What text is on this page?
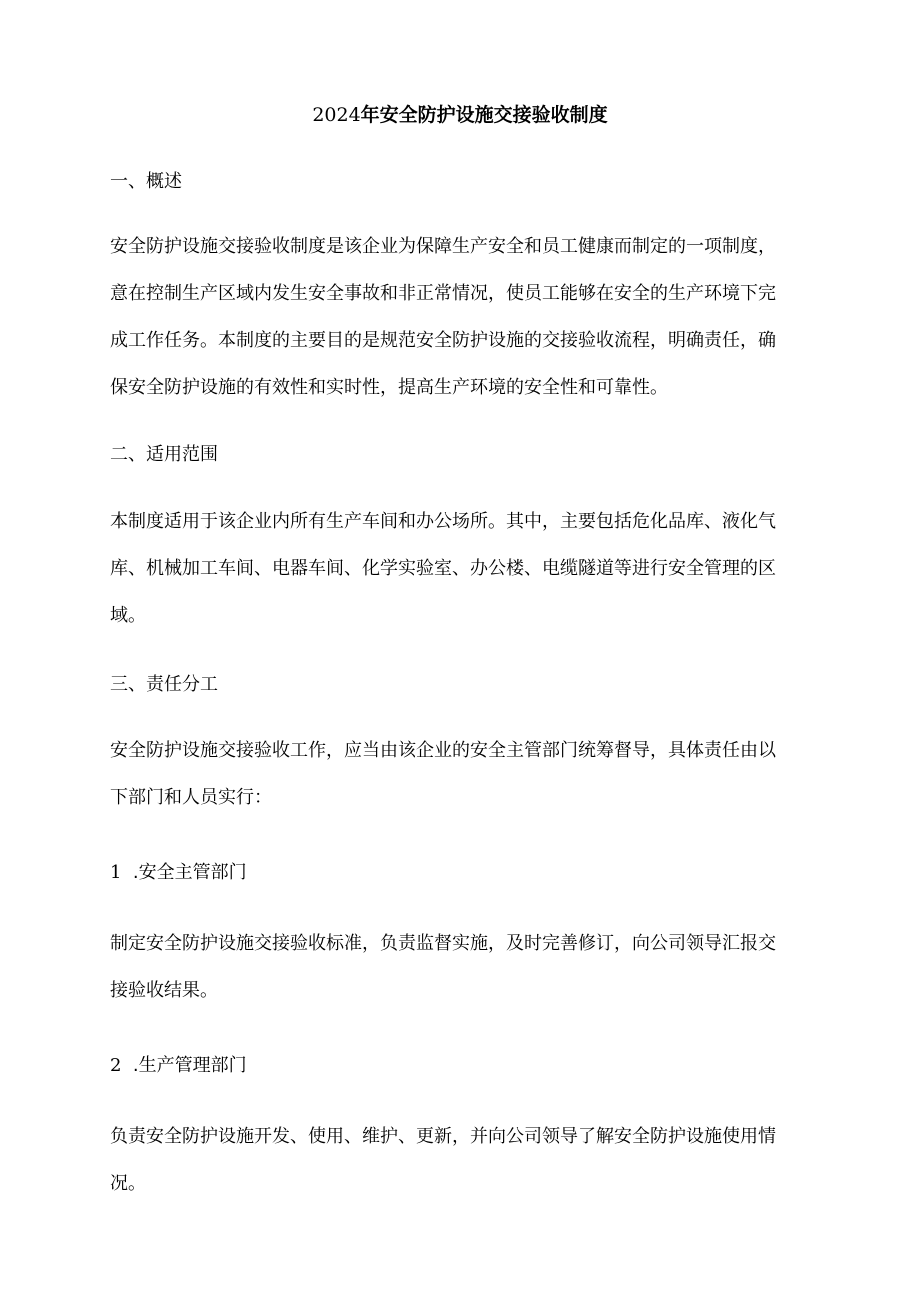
2024年安全防护设施交接验收制度
一、概述
安全防护设施交接验收制度是该企业为保障生产安全和员工健康而制定的一项制度，
意在控制生产区域内发生安全事故和非正常情况，使员工能够在安全的生产环境下完
成工作任务。本制度的主要目的是规范安全防护设施的交接验收流程，明确责任，确
保安全防护设施的有效性和实时性，提高生产环境的安全性和可靠性。
二、适用范围
本制度适用于该企业内所有生产车间和办公场所。其中，主要包括危化品库、液化气
库、机械加工车间、电器车间、化学实验室、办公楼、电缆隧道等进行安全管理的区
域。
三、责任分工
安全防护设施交接验收工作，应当由该企业的安全主管部门统筹督导，具体责任由以
下部门和人员实行：
1 .安全主管部门
制定安全防护设施交接验收标准，负责监督实施，及时完善修订，向公司领导汇报交
接验收结果。
2 .生产管理部门
负责安全防护设施开发、使用、维护、更新，并向公司领导了解安全防护设施使用情
况。
